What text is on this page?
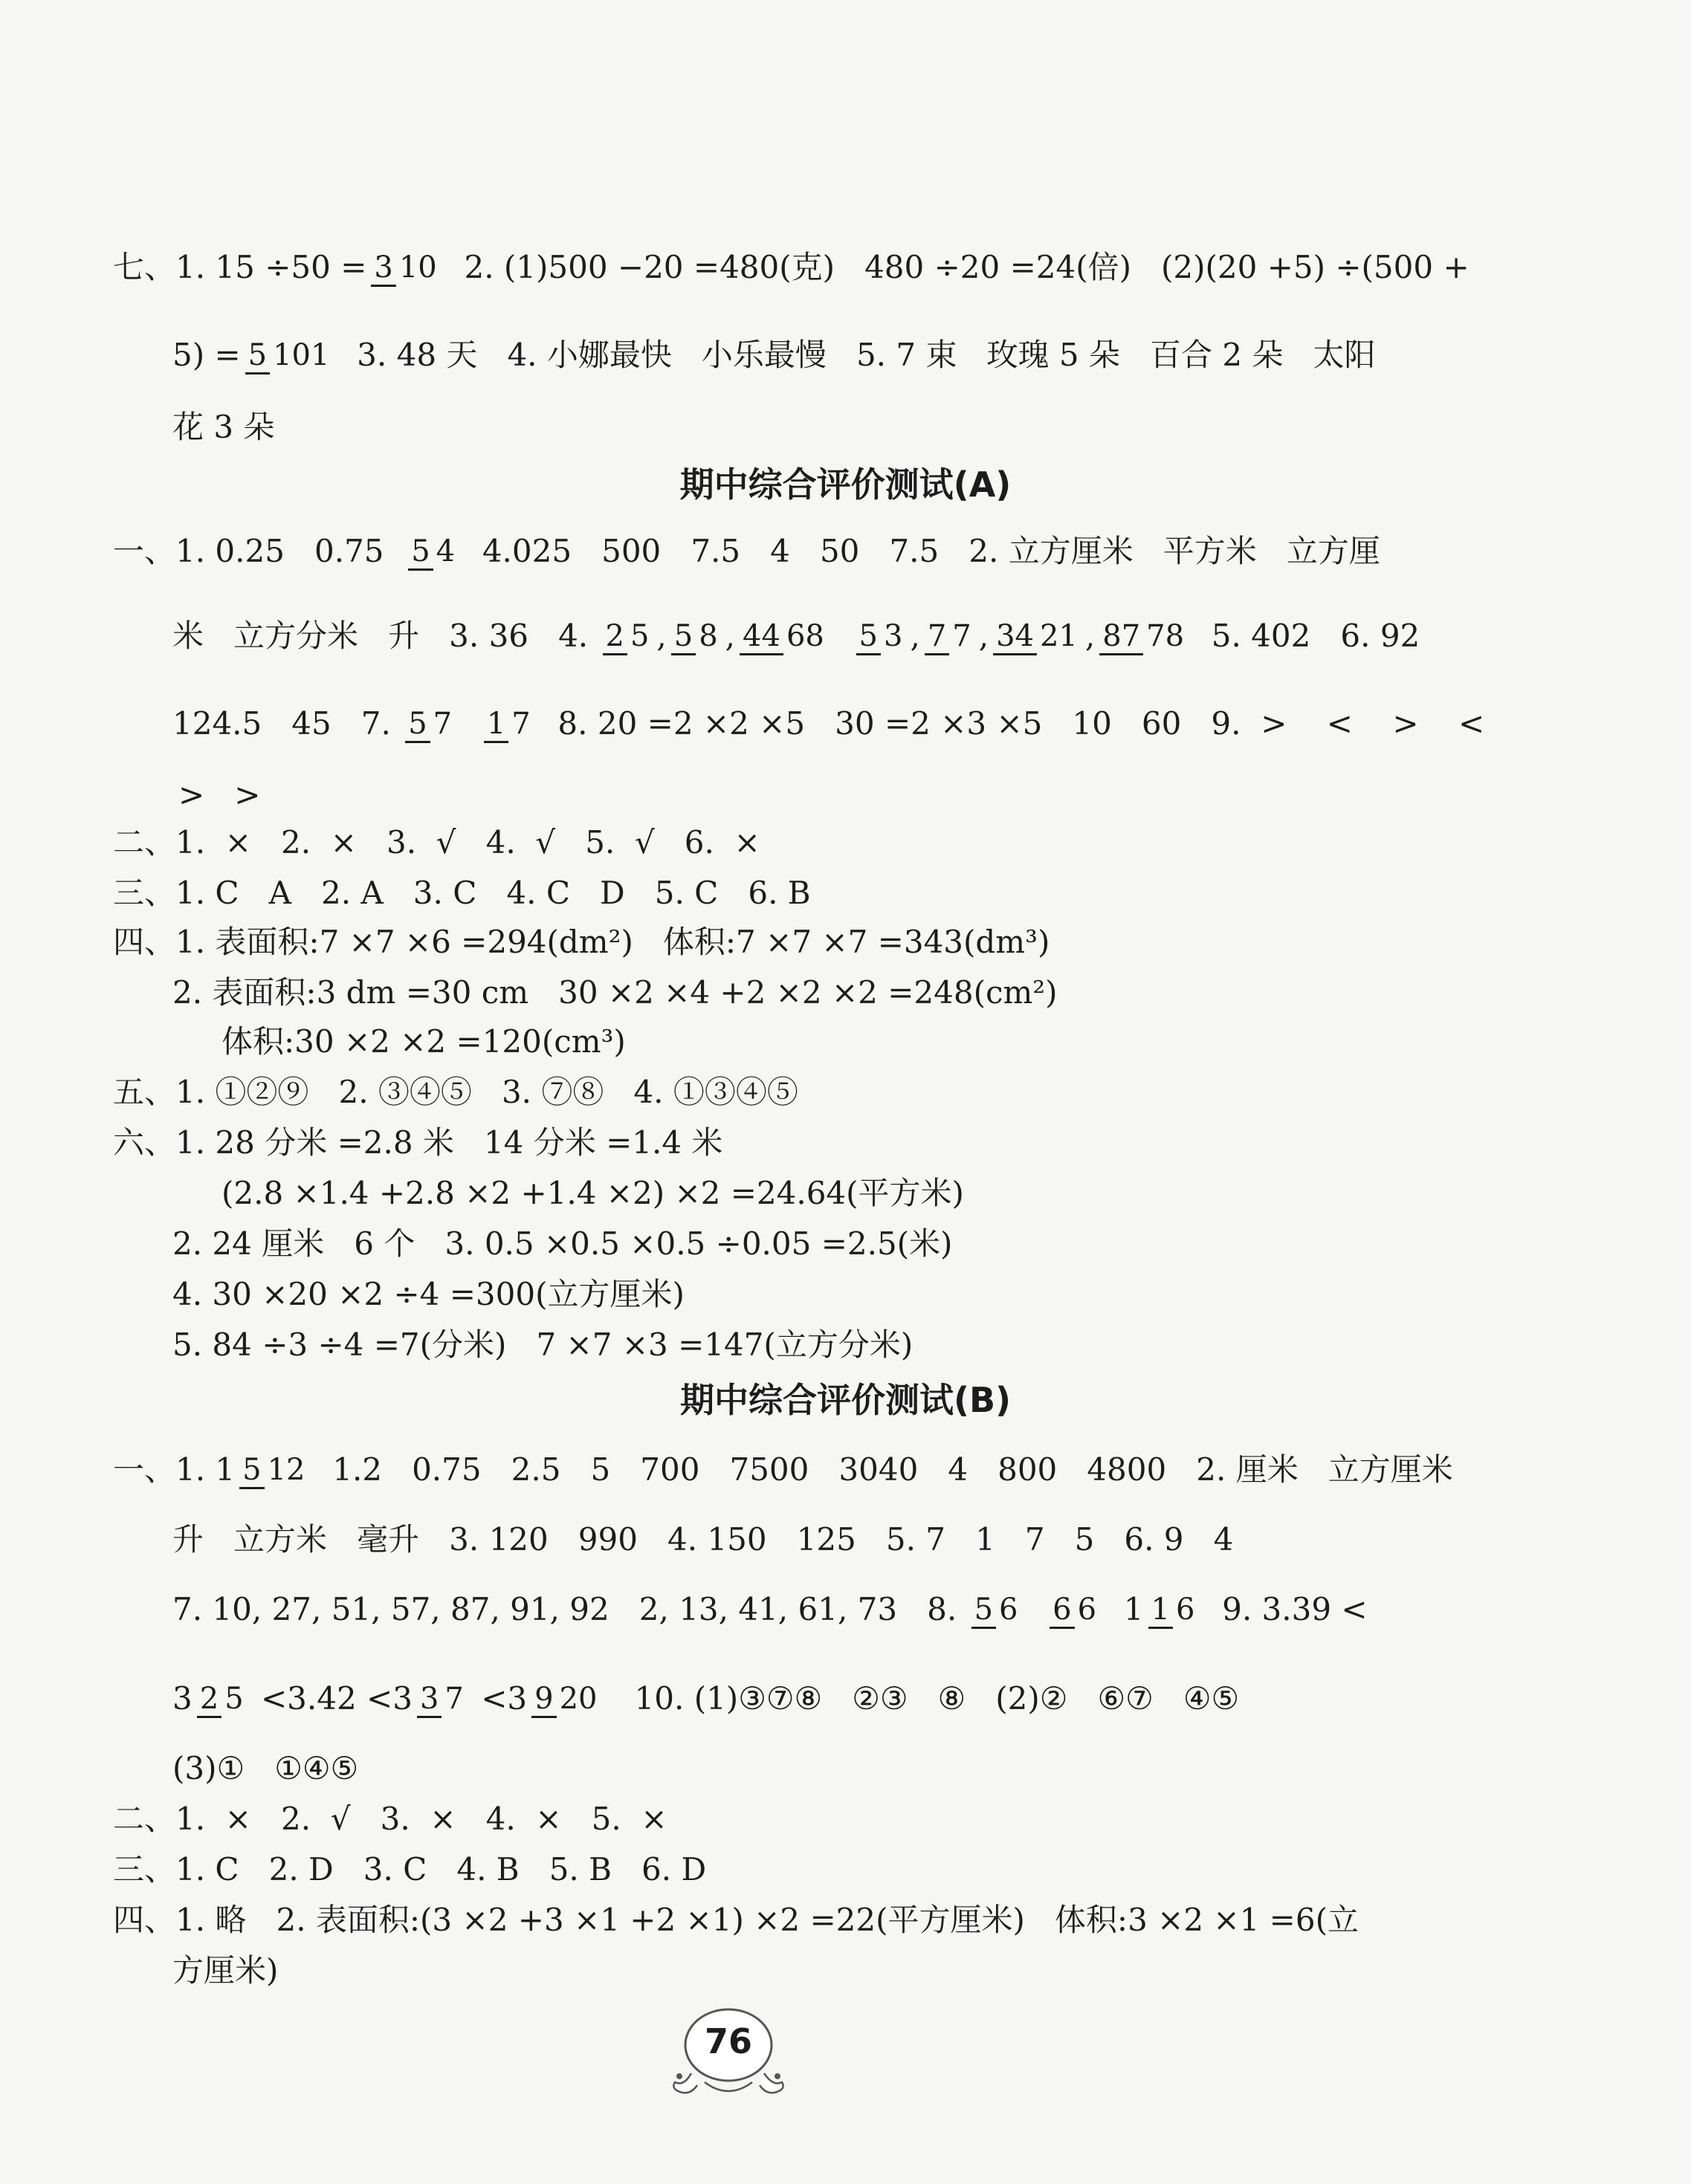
七、1. 15 ÷50 = 3 10 2. (1)500 −20 =480(克)   480 ÷20 =24(倍)   (2)(20 +5) ÷(500 +
5) = 5 101 3. 48 天   4. 小娜最快   小乐最慢   5. 7 束   玫瑰 5 朵   百合 2 朵   太阳
花 3 朵
期中综合评价测试(A)
一、1. 0.25   0.75 5 4 4.025   500   7.5   4   50   7.5   2. 立方厘米   平方米   立方厘
米   立方分米   升   3. 36   4. 2 5 , 5 8 , 44 68
5 3 , 7 7 , 34 21 , 87 78 5. 402   6. 92
124.5   45   7. 5 7
1 7 8. 20 =2 ×2 ×5   30 =2 ×3 ×5   10   60   9.  >    <    >    <
>   >
二、1.  ×   2.  ×   3.  √   4.  √   5.  √   6.  ×
三、1. C   A   2. A   3. C   4. C   D   5. C   6. B
四、1. 表面积:7 ×7 ×6 =294(dm²)   体积:7 ×7 ×7 =343(dm³)
2. 表面积:3 dm =30 cm   30 ×2 ×4 +2 ×2 ×2 =248(cm²)
体积:30 ×2 ×2 =120(cm³)
五、1. ①②⑨   2. ③④⑤   3. ⑦⑧   4. ①③④⑤
六、1. 28 分米 =2.8 米   14 分米 =1.4 米
(2.8 ×1.4 +2.8 ×2 +1.4 ×2) ×2 =24.64(平方米)
2. 24 厘米   6 个   3. 0.5 ×0.5 ×0.5 ÷0.05 =2.5(米)
4. 30 ×20 ×2 ÷4 =300(立方厘米)
5. 84 ÷3 ÷4 =7(分米)   7 ×7 ×3 =147(立方分米)
期中综合评价测试(B)
一、1. 1 5 12 1.2   0.75   2.5   5   700   7500   3040   4   800   4800   2. 厘米   立方厘米
升   立方米   毫升   3. 120   990   4. 150   125   5. 7   1   7   5   6. 9   4
7. 10, 27, 51, 57, 87, 91, 92   2, 13, 41, 61, 73   8. 5 6
6 6 1 1 6 9. 3.39 <
3 2 5 <3.42 <3 3 7 <3 9 20 10. (1)③⑦⑧   ②③   ⑧   (2)②   ⑥⑦   ④⑤
(3)①   ①④⑤
二、1.  ×   2.  √   3.  ×   4.  ×   5.  ×
三、1. C   2. D   3. C   4. B   5. B   6. D
四、1. 略   2. 表面积:(3 ×2 +3 ×1 +2 ×1) ×2 =22(平方厘米)   体积:3 ×2 ×1 =6(立
方厘米)
76
